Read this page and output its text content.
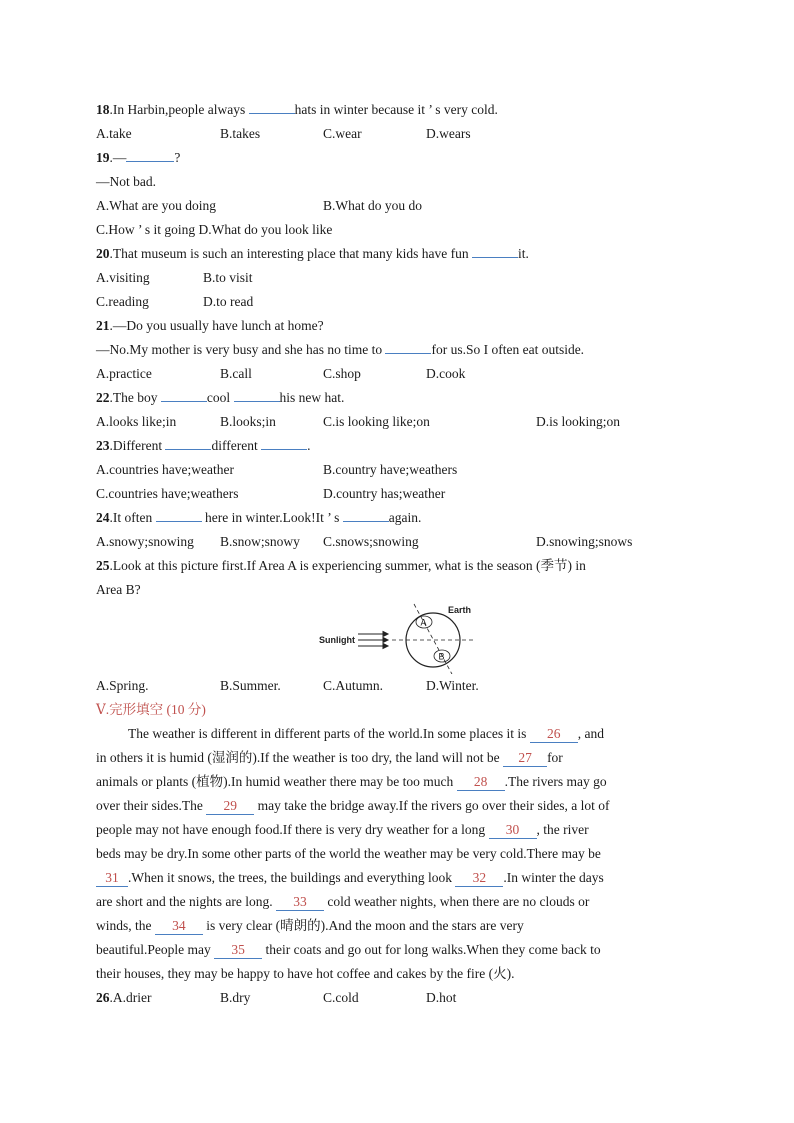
18.In Harbin,people always	hats in winter because it ’ s very cold.
A.take	B.takes	C.wear	D.wears
19.—	?
—Not bad.
A.What are you doing	B.What do you do
C.How ’ s it going D.What do you look like
20.That museum is such an interesting place that many kids have fun	it.
A.visiting	B.to visit
C.reading	D.to read
21.—Do you usually have lunch at home?
—No.My mother is very busy and she has no time to	for us.So I often eat outside.
A.practice	B.call	C.shop	D.cook
22.The boy	cool	his new hat.
A.looks like;in	B.looks;in	C.is looking like;on	D.is looking;on
23.Different	different	.
A.countries have;weather	B.country have;weathers
C.countries have;weathers	D.country has;weather
24.It often	here in winter.Look!It ’ s	again.
A.snowy;snowing B.snow;snowy C.snows;snowing	D.snowing;snows
25.Look at this picture first.If Area A is experiencing summer, what is the season (季节) in
Area B?
Sunlight
Earth
A
B
A.Spring.	B.Summer.	C.Autumn.	D.Winter.
Ⅴ.完形填空 (10 分)
The weather is different in different parts of the world.In some places it is 26 , and
in others it is humid (湿润的).If the weather is too dry, the land will not be 27 for
animals or plants (植物).In humid weather there may be too much 28 .The rivers may go
over their sides.The 29 may take the bridge away.If the rivers go over their sides, a lot of
people may not have enough food.If there is very dry weather for a long 30 , the river
beds may be dry.In some other parts of the world the weather may be very cold.There may be
31 .When it snows, the trees, the buildings and everything look 32 .In winter the days
are short and the nights are long. 33 cold weather nights, when there are no clouds or
winds, the 34 is very clear (晴朗的).And the moon and the stars are very
beautiful.People may 35 their coats and go out for long walks.When they come back to
their houses, they may be happy to have hot coffee and cakes by the fire (火).
26.A.drier	B.dry	C.cold	D.hot
